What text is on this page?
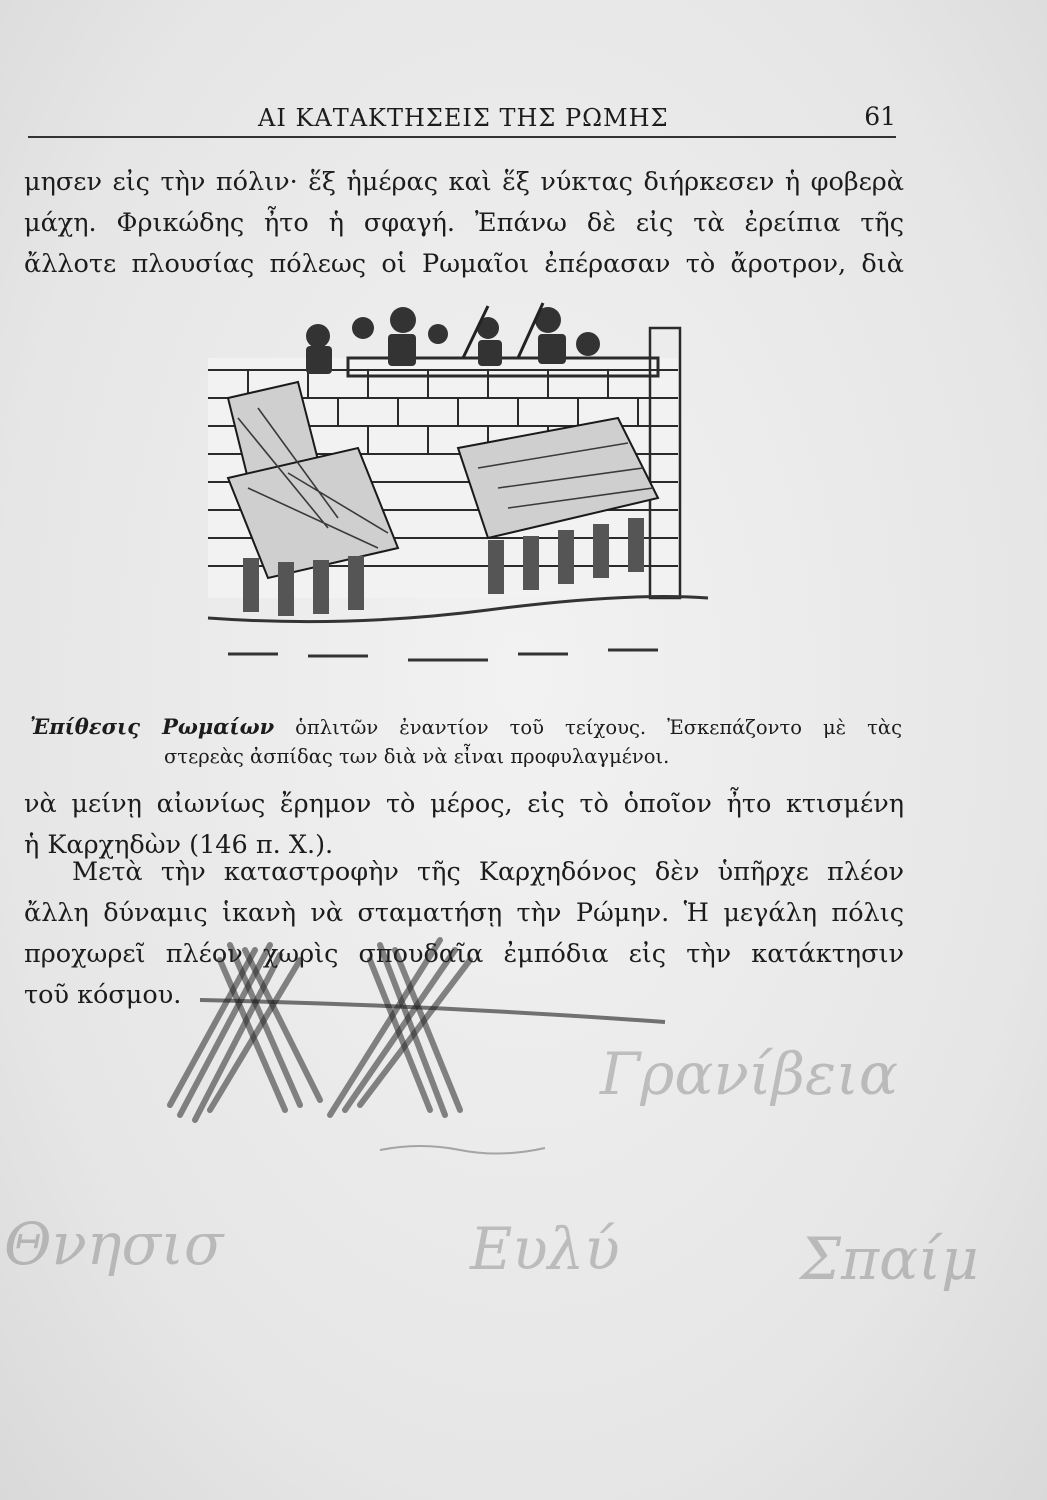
ΑΙ ΚΑΤΑΚΤΗΣΕΙΣ ΤΗΣ ΡΩΜΗΣ	61
μησεν εἰς τὴν πόλιν· ἕξ ἡμέρας καὶ ἕξ νύκτας διήρκεσεν ἡ φοβερὰ
μάχη. Φρικώδης ἦτο ἡ σφαγή. Ἐπάνω δὲ εἰς τὰ ἐρείπια τῆς
ἄλλοτε πλουσίας πόλεως οἱ Ρωμαῖοι ἐπέρασαν τὸ ἄροτρον, διὰ
Ἐπίθεσις Ρωμαίων ὁπλιτῶν ἐναντίον τοῦ τείχους. Ἐσκεπάζοντο μὲ τὰς
στερεὰς ἀσπίδας των διὰ νὰ εἶναι προφυλαγμένοι.
νὰ μείνῃ αἰωνίως ἔρημον τὸ μέρος, εἰς τὸ ὁποῖον ἦτο κτισμένη
ἡ Καρχηδὼν (146 π. Χ.).
Μετὰ τὴν καταστροφὴν τῆς Καρχηδόνος δὲν ὑπῆρχε πλέον
ἄλλη δύναμις ἱκανὴ νὰ σταματήσῃ τὴν Ρώμην. Ἡ μεγάλη πόλις
προχωρεῖ πλέον χωρὶς σπουδαῖα ἐμπόδια εἰς τὴν κατάκτησιν
τοῦ κόσμου.
Θνησισ	Ευλύ	Σπαίμ
Γρανίβεια
